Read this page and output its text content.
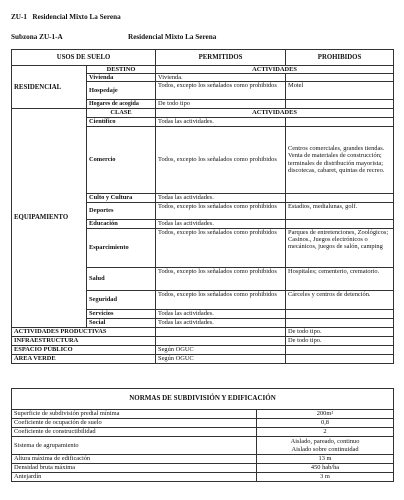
ZU-1 Residencial Mixto La Serena
Subzona ZU-1-A	Residencial Mixto La Serena
USOS DE SUELO		PERMITIDOS	PROHIBIDOS
RESIDENCIAL	DESTINO	ACTIVIDADES	
	Vivienda	Vivienda.	
	Hospedaje	Todos, excepto los señalados como prohibidos	Motel
	Hogares de acogida	De todo tipo	
EQUIPAMIENTO	CLASE	ACTIVIDADES	
	Científico	Todas las actividades.	
	Comercio	Todos, excepto los señalados como prohibidos	Centros comerciales, grandes tiendas. Venta de materiales de construcción; terminales de distribución mayorista; discotecas, cabaret, quintas de recreo.
	Culto y Cultura	Todas las actividades.	
	Deportes	Todos, excepto los señalados como prohibidos	Estadios, medialunas, golf.
	Educación	Todas las actividades.	
	Esparcimiento	Todos, excepto los señalados como prohibidos	Parques de entretenciones, Zoológicos; Casinos., Juegos electrónicos o mecánicos, juegos de salón, camping
	Salud	Todos, excepto los señalados como prohibidos	Hospitales; cementerio, crematorio.
	Seguridad	Todos, excepto los señalados como prohibidos	Cárceles y centros de detención.
	Servicios	Todas las actividades.	
	Social	Todas las actividades.	
ACTIVIDADES PRODUCTIVAS			De todo tipo.
INFRAESTRUCTURA			De todo tipo.
ESPACIO PÚBLICO		Según OGUC	
ÁREA VERDE		Según OGUC	
NORMAS DE SUBDIVISIÓN Y EDIFICACIÓN	
Superficie de subdivisión predial mínima	200m²
Coeficiente de ocupación de suelo	0,8
Coeficiente de constructibilidad	2
Sistema de agrupamiento	Aislado, pareado, continuo
Aislado sobre continuidad

Altura máxima de edificación	13 m
Densidad bruta máxima	450 hab/ha
Antejardín	3 m
